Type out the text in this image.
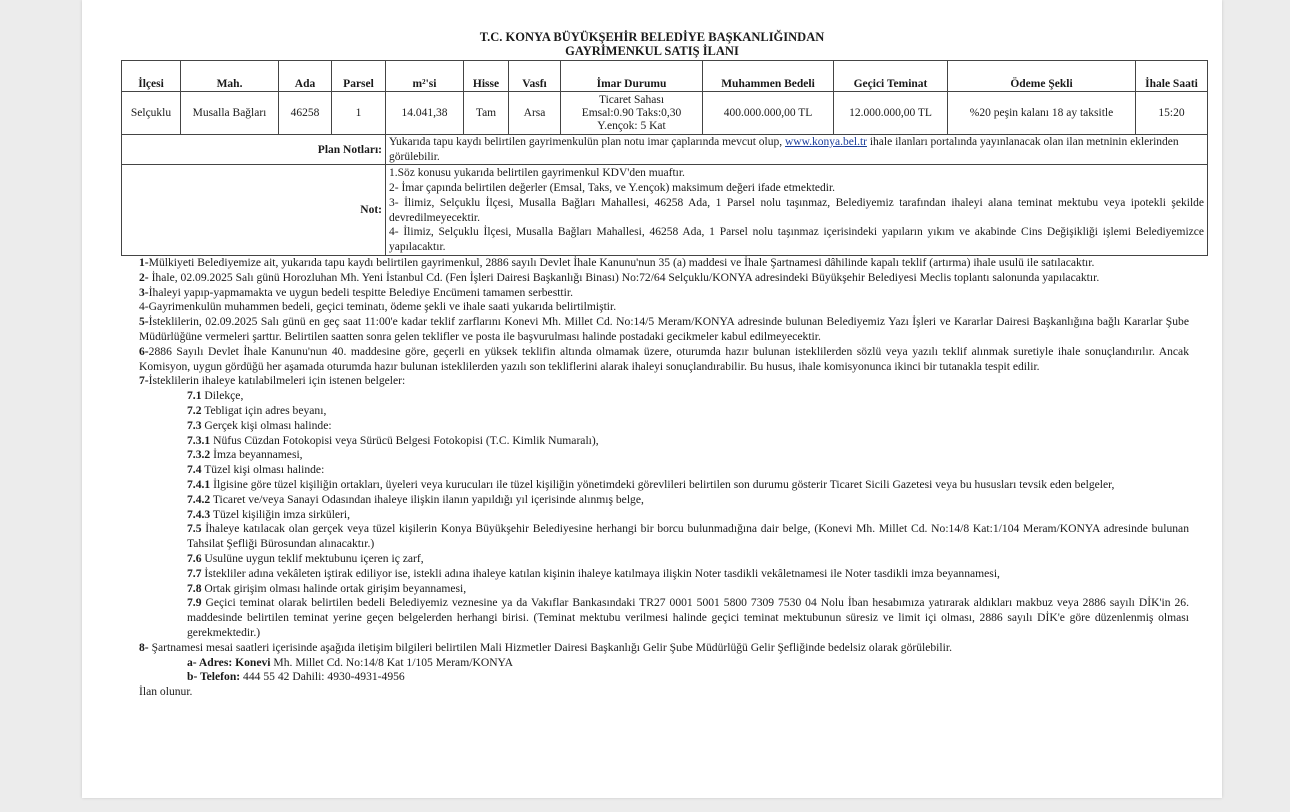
T.C. KONYA BÜYÜKŞEHİR BELEDİYE BAŞKANLIĞINDAN
GAYRİMENKUL SATIŞ İLANI
İlçesi	Mah.	Ada	Parsel	m²'si	Hisse	Vasfı	İmar Durumu	Muhammen Bedeli	Geçici Teminat	Ödeme Şekli	İhale Saati
Selçuklu	Musalla Bağları	46258	1	14.041,38	Tam	Arsa	Ticaret Sahası
Emsal:0.90 Taks:0,30
Y.ençok: 5 Kat	400.000.000,00 TL	12.000.000,00 TL	%20 peşin kalanı 18 ay taksitle	15:20
Plan Notları:				Yukarıda tapu kaydı belirtilen gayrimenkulün plan notu imar çaplarında mevcut olup, www.konya.bel.tr ihale ilanları portalında yayınlanacak olan ilan metninin eklerinden görülebilir.							
Not:				1.Söz konusu yukarıda belirtilen gayrimenkul KDV'den muaftır.
2- İmar çapında belirtilen değerler (Emsal, Taks, ve Y.ençok) maksimum değeri ifade etmektedir.
3- İlimiz, Selçuklu İlçesi, Musalla Bağları Mahallesi, 46258 Ada, 1 Parsel nolu taşınmaz, Belediyemiz tarafından ihaleyi alana teminat mektubu veya ipotekli şekilde devredilmeyecektir.
4- İlimiz, Selçuklu İlçesi, Musalla Bağları Mahallesi, 46258 Ada, 1 Parsel nolu taşınmaz içerisindeki yapıların yıkım ve akabinde Cins Değişikliği işlemi Belediyemizce yapılacaktır.							

1-Mülkiyeti Belediyemize ait, yukarıda tapu kaydı belirtilen gayrimenkul, 2886 sayılı Devlet İhale Kanunu'nun 35 (a) maddesi ve İhale Şartnamesi dâhilinde kapalı teklif (artırma) ihale usulü ile satılacaktır.

2- İhale, 02.09.2025 Salı günü Horozluhan Mh. Yeni İstanbul Cd. (Fen İşleri Dairesi Başkanlığı Binası) No:72/64 Selçuklu/KONYA adresindeki Büyükşehir Belediyesi Meclis toplantı salonunda yapılacaktır.

3-İhaleyi yapıp-yapmamakta ve uygun bedeli tespitte Belediye Encümeni tamamen serbesttir.

4-Gayrimenkulün muhammen bedeli, geçici teminatı, ödeme şekli ve ihale saati yukarıda belirtilmiştir.

5-İsteklilerin, 02.09.2025 Salı günü en geç saat 11:00'e kadar teklif zarflarını Konevi Mh. Millet Cd. No:14/5 Meram/KONYA adresinde bulunan Belediyemiz Yazı İşleri ve Kararlar Dairesi Başkanlığına bağlı Kararlar Şube Müdürlüğüne vermeleri şarttır. Belirtilen saatten sonra gelen teklifler ve posta ile başvurulması halinde postadaki gecikmeler kabul edilmeyecektir.

6-2886 Sayılı Devlet İhale Kanunu'nun 40. maddesine göre, geçerli en yüksek teklifin altında olmamak üzere, oturumda hazır bulunan isteklilerden sözlü veya yazılı teklif alınmak suretiyle ihale sonuçlandırılır. Ancak Komisyon, uygun gördüğü her aşamada oturumda hazır bulunan isteklilerden yazılı son tekliflerini alarak ihaleyi sonuçlandırabilir. Bu husus, ihale komisyonunca ikinci bir tutanakla tespit edilir.

7-İsteklilerin ihaleye katılabilmeleri için istenen belgeler:

7.1 Dilekçe,

7.2 Tebligat için adres beyanı,

7.3 Gerçek kişi olması halinde:

7.3.1 Nüfus Cüzdan Fotokopisi veya Sürücü Belgesi Fotokopisi (T.C. Kimlik Numaralı),

7.3.2 İmza beyannamesi,

7.4 Tüzel kişi olması halinde:

7.4.1 İlgisine göre tüzel kişiliğin ortakları, üyeleri veya kurucuları ile tüzel kişiliğin yönetimdeki görevlileri belirtilen son durumu gösterir Ticaret Sicili Gazetesi veya bu hususları tevsik eden belgeler,

7.4.2 Ticaret ve/veya Sanayi Odasından ihaleye ilişkin ilanın yapıldığı yıl içerisinde alınmış belge,

7.4.3 Tüzel kişiliğin imza sirküleri,

7.5 İhaleye katılacak olan gerçek veya tüzel kişilerin Konya Büyükşehir Belediyesine herhangi bir borcu bulunmadığına dair belge, (Konevi Mh. Millet Cd. No:14/8 Kat:1/104 Meram/KONYA adresinde bulunan Tahsilat Şefliği Bürosundan alınacaktır.)

7.6 Usulüne uygun teklif mektubunu içeren iç zarf,

7.7 İstekliler adına vekâleten iştirak ediliyor ise, istekli adına ihaleye katılan kişinin ihaleye katılmaya ilişkin Noter tasdikli vekâletnamesi ile Noter tasdikli imza beyannamesi,

7.8 Ortak girişim olması halinde ortak girişim beyannamesi,

7.9 Geçici teminat olarak belirtilen bedeli Belediyemiz veznesine ya da Vakıflar Bankasındaki TR27 0001 5001 5800 7309 7530 04 Nolu İban hesabımıza yatırarak aldıkları makbuz veya 2886 sayılı DİK'in 26. maddesinde belirtilen teminat yerine geçen belgelerden herhangi birisi. (Teminat mektubu verilmesi halinde geçici teminat mektubunun süresiz ve limit içi olması, 2886 sayılı DİK'e göre düzenlenmiş olması gerekmektedir.)

8- Şartnamesi mesai saatleri içerisinde aşağıda iletişim bilgileri belirtilen Mali Hizmetler Dairesi Başkanlığı Gelir Şube Müdürlüğü Gelir Şefliğinde bedelsiz olarak görülebilir.

a- Adres: Konevi Mh. Millet Cd. No:14/8 Kat 1/105 Meram/KONYA

b- Telefon: 444 55 42 Dahili: 4930-4931-4956

İlan olunur.
